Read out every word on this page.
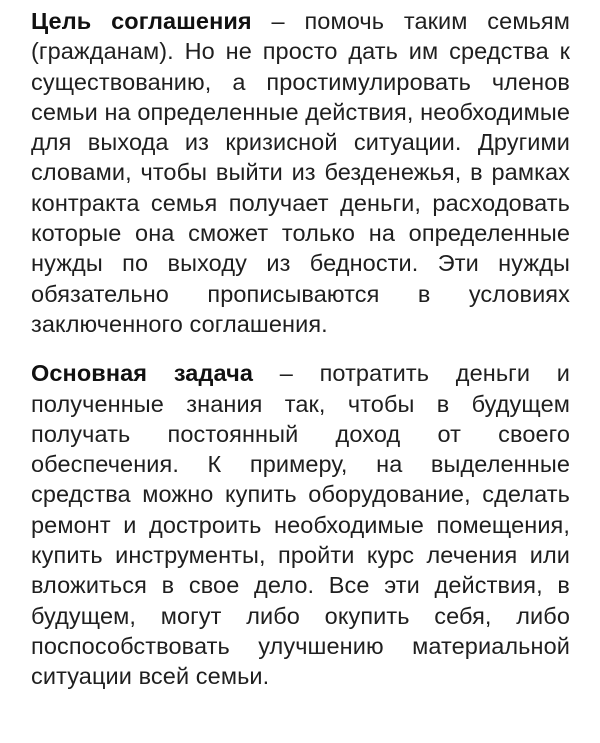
Цель соглашения – помочь таким семьям (гражданам). Но не просто дать им средства к существованию, а простимулировать членов семьи на определенные действия, необходимые для выхода из кризисной ситуации. Другими словами, чтобы выйти из безденежья, в рамках контракта семья получает деньги, расходовать которые она сможет только на определенные нужды по выходу из бедности. Эти нужды обязательно прописываются в условиях заключенного соглашения.

Основная задача – потратить деньги и полученные знания так, чтобы в будущем получать постоянный доход от своего обеспечения. К примеру, на выделенные средства можно купить оборудование, сделать ремонт и достроить необходимые помещения, купить инструменты, пройти курс лечения или вложиться в свое дело. Все эти действия, в будущем, могут либо окупить себя, либо поспособствовать улучшению материальной ситуации всей семьи.
